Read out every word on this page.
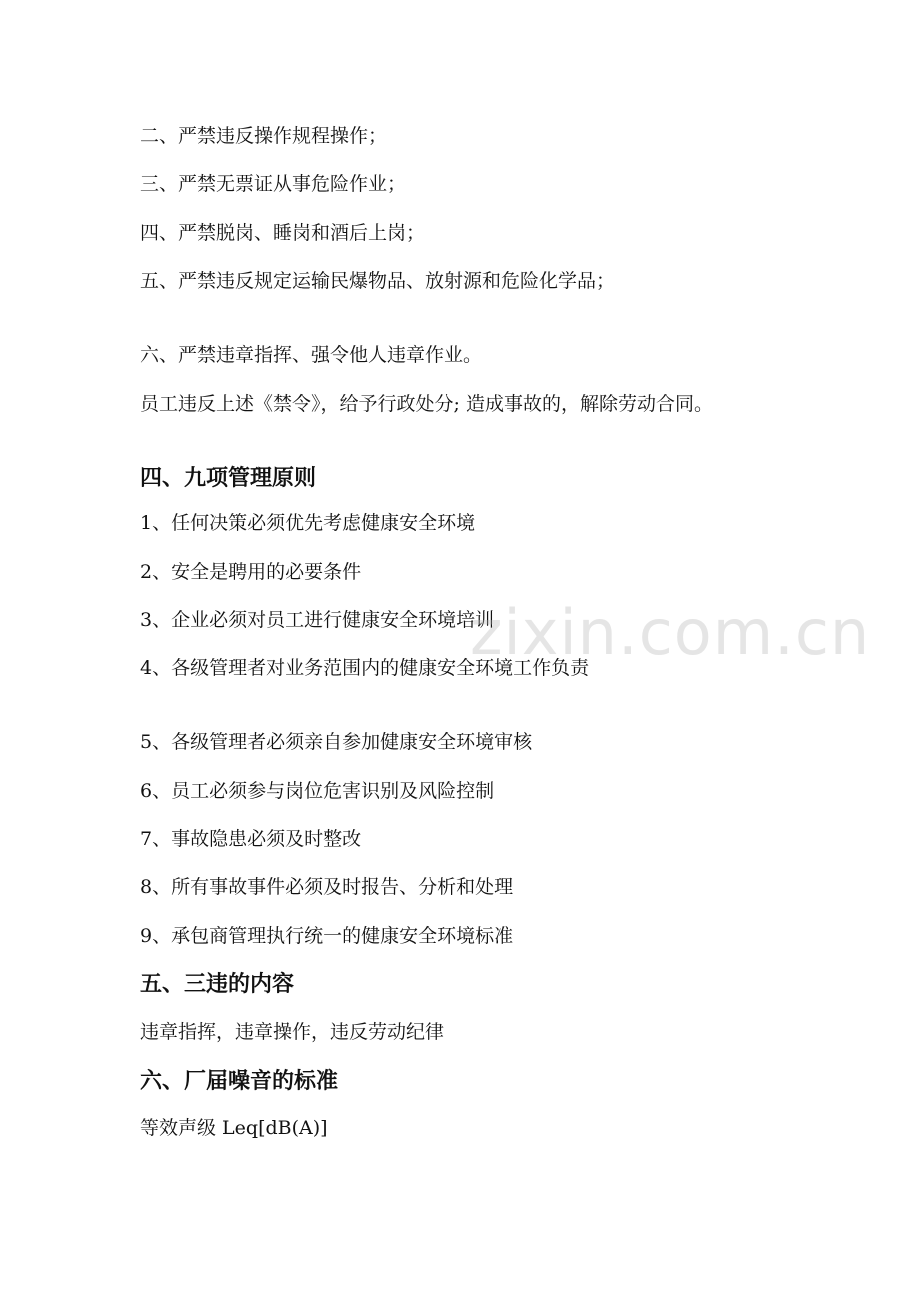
二、严禁违反操作规程操作；
三、严禁无票证从事危险作业；
四、严禁脱岗、睡岗和酒后上岗；
五、严禁违反规定运输民爆物品、放射源和危险化学品；
六、严禁违章指挥、强令他人违章作业。
员工违反上述《禁令》，给予行政处分; 造成事故的，解除劳动合同。
四、九项管理原则
1、任何决策必须优先考虑健康安全环境
2、安全是聘用的必要条件
3、企业必须对员工进行健康安全环境培训
4、各级管理者对业务范围内的健康安全环境工作负责
5、各级管理者必须亲自参加健康安全环境审核
6、员工必须参与岗位危害识别及风险控制
7、事故隐患必须及时整改
8、所有事故事件必须及时报告、分析和处理
9、承包商管理执行统一的健康安全环境标准
五、三违的内容
违章指挥，违章操作，违反劳动纪律
六、厂届噪音的标准
等效声级 Leq[dB(A)]
zixin.com.cn
